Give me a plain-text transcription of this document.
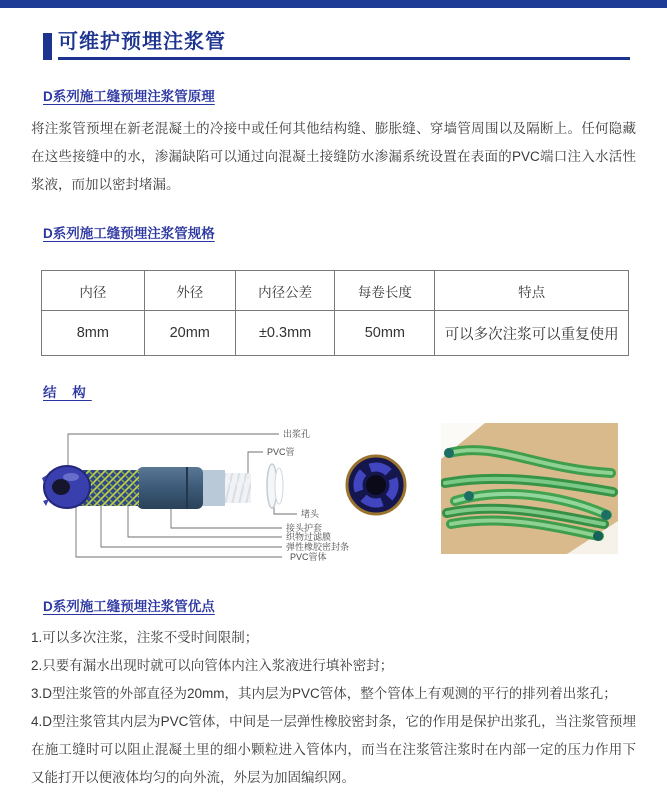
可维护预埋注浆管
D系列施工缝预埋注浆管原理

将注浆管预埋在新老混凝土的冷接中或任何其他结构缝、膨胀缝、穿墙管周围以及隔断上。任何隐藏在这些接缝中的水，渗漏缺陷可以通过向混凝土接缝防水渗漏系统设置在表面的PVC端口注入水活性浆液，而加以密封堵漏。

D系列施工缝预埋注浆管规格
内径	外径	内径公差	每卷长度	特点
8mm	20mm	±0.3mm	50mm	可以多次注浆可以重复使用
结 构
出浆孔
PVC管
堵头
接头护套
织物过滤膜
弹性橡胶密封条
PVC管体
D系列施工缝预埋注浆管优点

1.可以多次注浆，注浆不受时间限制；

2.只要有漏水出现时就可以向管体内注入浆液进行填补密封；

3.D型注浆管的外部直径为20mm，其内层为PVC管体，整个管体上有观测的平行的排列着出浆孔；

4.D型注浆管其内层为PVC管体，中间是一层弹性橡胶密封条，它的作用是保护出浆孔，当注浆管预埋在施工缝时可以阻止混凝土里的细小颗粒进入管体内，而当在注浆管注浆时在内部一定的压力作用下又能打开以便液体均匀的向外流，外层为加固编织网。
